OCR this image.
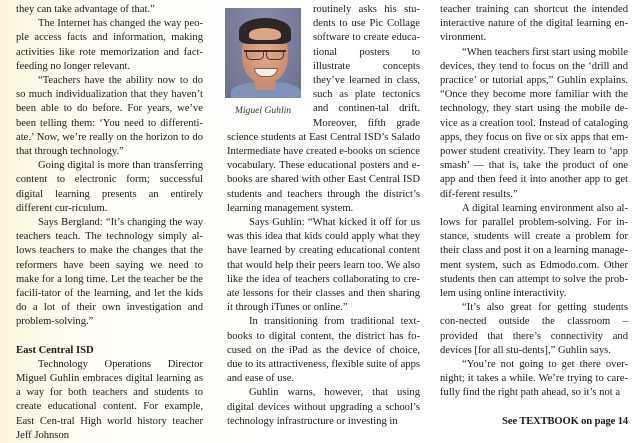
they can take advantage of that.”

The Internet has changed the way peo-ple access facts and information, making activities like rote memorization and fact-feeding no longer relevant.

“Teachers have the ability now to do so much individualization that they haven’t been able to do before. For years, we’ve been telling them: ‘You need to differenti-ate.’ Now, we’re really on the horizon to do that through technology.”

Going digital is more than transferring content to electronic form; successful digital learning presents an entirely different cur-riculum.

Says Bergland: “It’s changing the way teachers teach. The technology simply al-lows teachers to make the changes that the reformers have been saying we need to make for a long time. Let the teacher be the facili-tator of the learning, and let the kids do a lot of their own investigation and problem-solving.”

East Central ISD

Technology Operations Director Miguel Guhlin embraces digital learning as a way for both teachers and students to create educational content. For example, East Cen-tral High world history teacher Jeff Johnson

Miguel Guhlin

routinely asks his stu-dents to use Pic Collage software to create educa-tional posters to illustrate concepts they’ve learned in class, such as plate tectonics and continen-tal drift. Moreover, fifth grade science students at East Central ISD’s Salado Intermediate have created e-books on science vocabulary. These educational posters and e-books are shared with other East Central ISD students and teachers through the district’s learning management system.

Says Guhlin: “What kicked it off for us was this idea that kids could apply what they have learned by creating educational content that would help their peers learn too. We also like the idea of teachers collaborating to cre-ate lessons for their classes and then sharing it through iTunes or online.”

In transitioning from traditional text-books to digital content, the district has fo-cused on the iPad as the device of choice, due to its attractiveness, flexible suite of apps and ease of use.

Guhlin warns, however, that using digital devices without upgrading a school’s technology infrastructure or investing in

teacher training can shortcut the intended interactive nature of the digital learning en-vironment.

“When teachers first start using mobile devices, they tend to focus on the ‘drill and practice’ or tutorial apps,” Guhlin explains. “Once they become more familiar with the technology, they start using the mobile de-vice as a creation tool. Instead of cataloging apps, they focus on five or six apps that em-power student creativity. They learn to ‘app smash’ — that is, take the product of one app and then feed it into another app to get dif-ferent results.”

A digital learning environment also al-lows for parallel problem-solving. For in-stance, students will create a problem for their class and post it on a learning manage-ment system, such as Edmodo.com. Other students then can attempt to solve the prob-lem using online interactivity.

“It’s also great for getting students con-nected outside the classroom – provided that there’s connectivity and devices [for all stu-dents],” Guhlin says.

“You’re not going to get there over-night; it takes a while. We’re trying to care-fully find the right path ahead, so it’s not a

See TEXTBOOK on page 14
